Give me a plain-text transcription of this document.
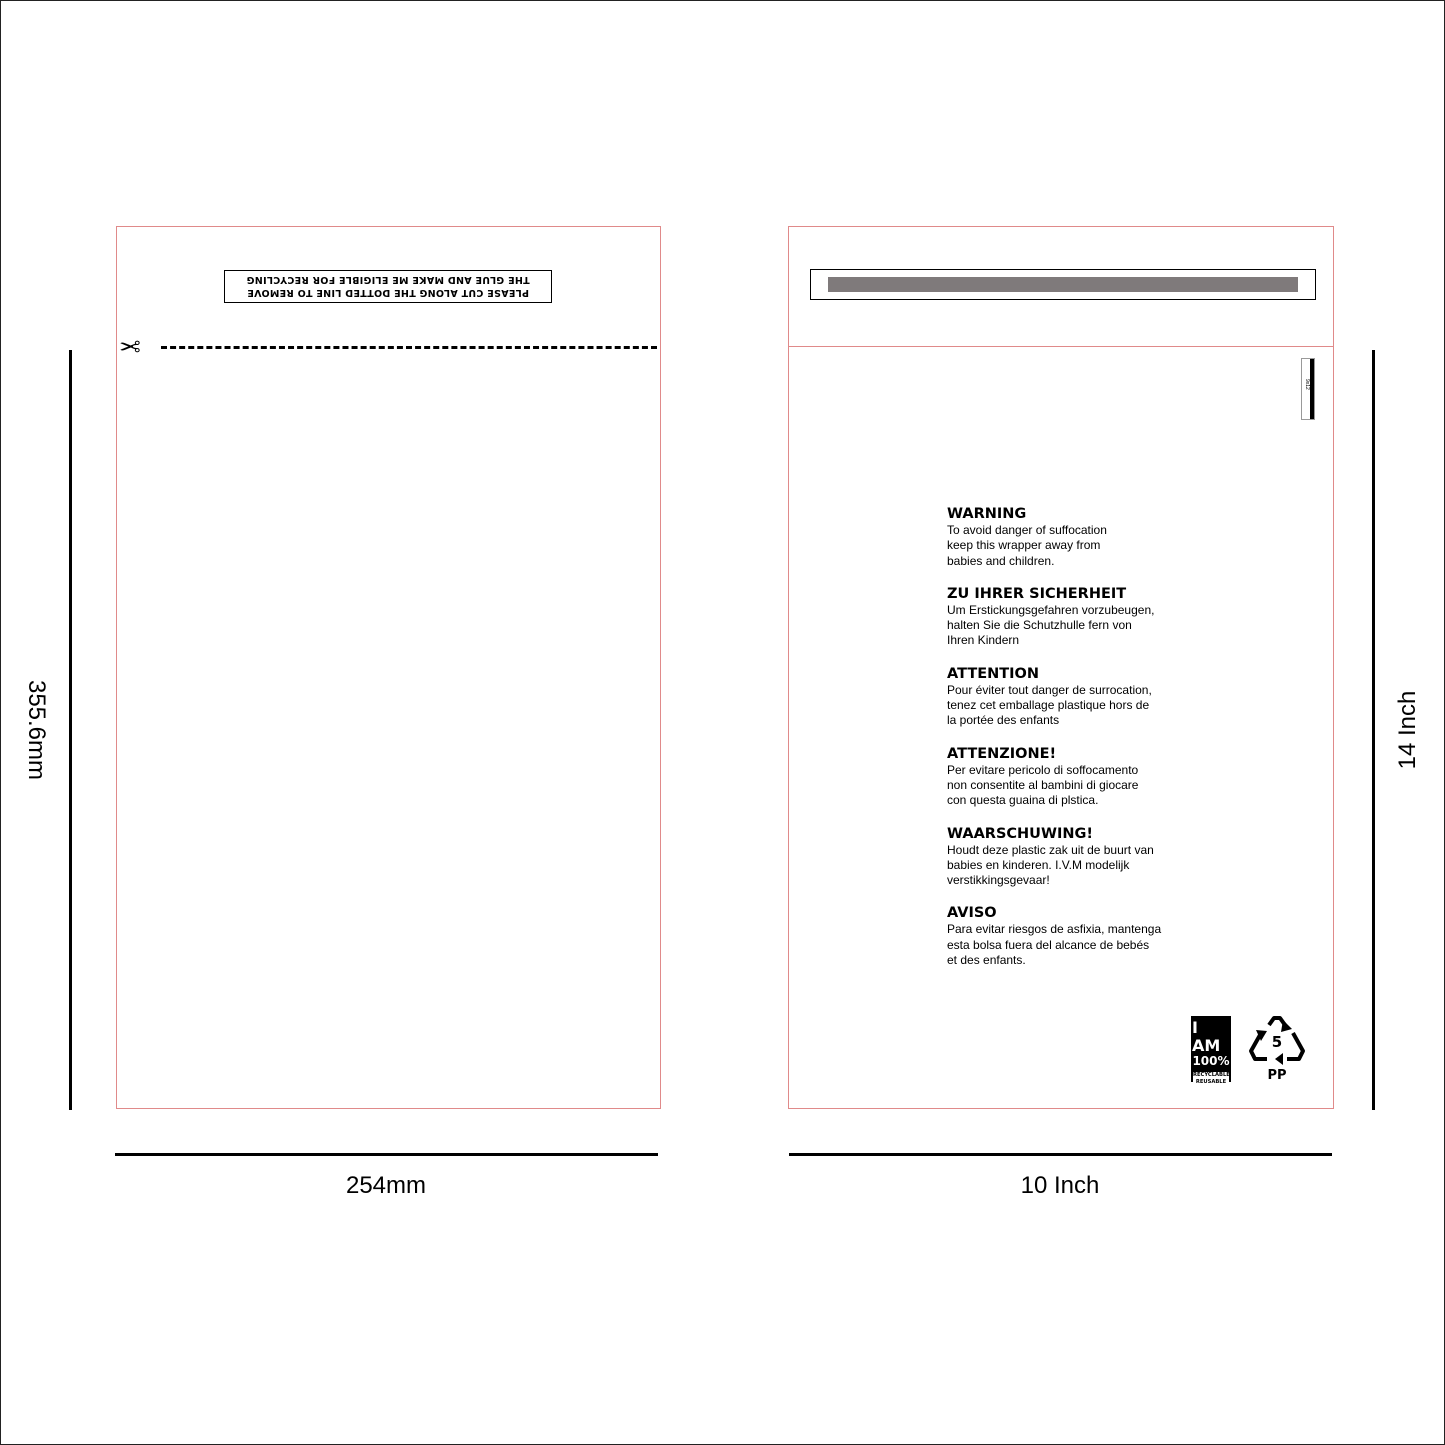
PLEASE CUT ALONG THE DOTTED LINE TO REMOVE
THE GLUE AND MAKE ME ELIGIBLE FOR RECYCLING
✂
9x12
WARNING

To avoid danger of suffocation
keep this wrapper away from
babies and children.

ZU IHRER SICHERHEIT

Um Erstickungsgefahren vorzubeugen,
halten Sie die Schutzhulle fern von
Ihren Kindern

ATTENTION

Pour éviter tout danger de surrocation,
tenez cet emballage plastique hors de
la portée des enfants

ATTENZIONE!

Per evitare pericolo di soffocamento
non consentite al bambini di giocare
con questa guaina di plstica.

WAARSCHUWING!

Houdt deze plastic zak uit de buurt van
babies en kinderen. I.V.M modelijk
verstikkingsgevaar!

AVISO

Para evitar riesgos de asfixia, mantenga
esta bolsa fuera del alcance de bebés
et des enfants.

I AM
100%
RECYCLABLE
REUSABLE
5
PP
254mm	10 Inch
355.6mm	14 Inch
